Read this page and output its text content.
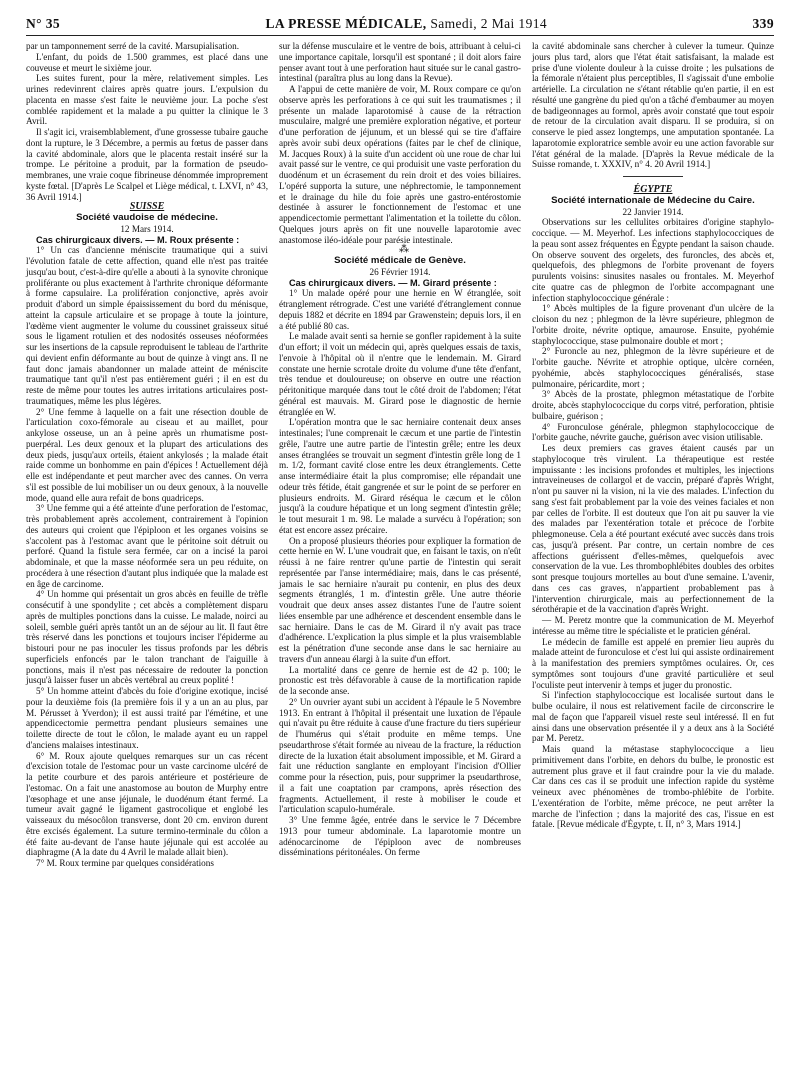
N° 35	LA PRESSE MÉDICALE, Samedi, 2 Mai 1914	339

par un tamponnement serré de la cavité. Marsupialisation.

L'enfant, du poids de 1.500 grammes, est placé dans une couveuse et meurt le sixième jour.

Les suites furent, pour la mère, relativement simples. Les urines redevinrent claires après quatre jours. L'expulsion du placenta en masse s'est faite le neuvième jour. La poche s'est comblée rapidement et la malade a pu quitter la clinique le 3 Avril.

Il s'agit ici, vraisemblablement, d'une grossesse tubaire gauche dont la rupture, le 3 Décembre, a permis au fœtus de passer dans la cavité abdominale, alors que le placenta restait inséré sur la trompe. Le péritoine a produit, par la formation de pseudo-membranes, une vraie coque fibrineuse dénommée improprement kyste fœtal. [D'après Le Scalpel et Liège médical, t. LXVI, n° 43, 36 Avril 1914.]

SUISSE

Société vaudoise de médecine.

12 Mars 1914.

Cas chirurgicaux divers. — M. Roux présente :

1° Un cas d'ancienne méniscite traumatique qui a suivi l'évolution fatale de cette affection, quand elle n'est pas traitée jusqu'au bout, c'est-à-dire qu'elle a abouti à la synovite chronique proliférante ou plus exactement à l'arthrite chronique déformante à forme capsulaire. La prolifération conjonctive, après avoir produit d'abord un simple épaississement du bord du ménisque, atteint la capsule articulaire et se propage à toute la jointure, l'œdème vient augmenter le volume du coussinet graisseux situé sous le ligament rotulien et des nodosités osseuses néoformées sur les insertions de la capsule reproduisent le tableau de l'arthrite qui devient enfin déformante au bout de quinze à vingt ans. Il ne faut donc jamais abandonner un malade atteint de méniscite traumatique tant qu'il n'est pas entièrement guéri ; il en est du reste de même pour toutes les autres irritations articulaires post-traumatiques, même les plus légères.

2° Une femme à laquelle on a fait une résection double de l'articulation coxo-fémorale au ciseau et au maillet, pour ankylose osseuse, un an à peine après un rhumatisme post-puerpéral. Les deux genoux et la plupart des articulations des deux pieds, jusqu'aux orteils, étaient ankylosés ; la malade était raide comme un bonhomme en pain d'épices ! Actuellement déjà elle est indépendante et peut marcher avec des cannes. On verra s'il est possible de lui mobiliser un ou deux genoux, à la nouvelle mode, quand elle aura refait de bons quadriceps.

3° Une femme qui a été atteinte d'une perforation de l'estomac, très probablement après accolement, contrairement à l'opinion des auteurs qui croient que l'épiploon et les organes voisins se s'accolent pas à l'estomac avant que le péritoine soit détruit ou perforé. Quand la fistule sera fermée, car on a incisé la paroi abdominale, et que la masse néoformée sera un peu réduite, on procédera à une résection d'autant plus indiquée que la malade est en âge de carcinome.

4° Un homme qui présentait un gros abcès en feuille de trèfle consécutif à une spondylite ; cet abcès a complètement disparu après de multiples ponctions dans la cuisse. Le malade, noirci au soleil, semble guéri après tantôt un an de séjour au lit. Il faut être très réservé dans les ponctions et toujours inciser l'épiderme au bistouri pour ne pas inoculer les tissus profonds par les débris superficiels enfoncés par le talon tranchant de l'aiguille à ponctions, mais il n'est pas nécessaire de redouter la ponction jusqu'à laisser fuser un abcès vertébral au creux poplité !

5° Un homme atteint d'abcès du foie d'origine exotique, incisé pour la deuxième fois (la première fois il y a un an au plus, par M. Pérusset à Yverdon); il est aussi traité par l'émétine, et une appendicectomie permettra pendant plusieurs semaines une toilette directe de tout le côlon, le malade ayant eu un rappel d'anciens malaises intestinaux.

6° M. Roux ajoute quelques remarques sur un cas récent d'excision totale de l'estomac pour un vaste carcinome ulcéré de la petite courbure et des parois antérieure et postérieure de l'estomac. On a fait une anastomose au bouton de Murphy entre l'œsophage et une anse jéjunale, le duodénum étant fermé. La tumeur avait gagné le ligament gastrocolique et englobé les vaisseaux du mésocôlon transverse, dont 20 cm. environ durent être excisés également. La suture termino-terminale du côlon a été faite au-devant de l'anse haute jéjunale qui est accolée au diaphragme (A la date du 4 Avril le malade allait bien).

7° M. Roux termine par quelques considérations

sur la défense musculaire et le ventre de bois, attribuant à celui-ci une importance capitale, lorsqu'il est spontané ; il doit alors faire penser avant tout à une perforation haut située sur le canal gastro-intestinal (paraîtra plus au long dans la Revue).

A l'appui de cette manière de voir, M. Roux compare ce qu'on observe après les perforations à ce qui suit les traumatismes ; il présente un malade laparotomisé à cause de la rétraction musculaire, malgré une première exploration négative, et porteur d'une perforation de jéjunum, et un blessé qui se tire d'affaire après avoir subi deux opérations (faites par le chef de clinique, M. Jacques Roux) à la suite d'un accident où une roue de char lui avait passé sur le ventre, ce qui produisit une vaste perforation du duodénum et un écrasement du rein droit et des voies biliaires. L'opéré supporta la suture, une néphrectomie, le tamponnement et le drainage du hile du foie après une gastro-entérostomie destinée à assurer le fonctionnement de l'estomac et une appendicectomie permettant l'alimentation et la toilette du côlon. Quelques jours après on fit une nouvelle laparotomie avec anastomose iléo-idéale pour parésie intestinale.

⁂

Société médicale de Genève.

26 Février 1914.

Cas chirurgicaux divers. — M. Girard présente :

1° Un malade opéré pour une hernie en W étranglée, soit étranglement rétrograde. C'est une variété d'étranglement connue depuis 1882 et décrite en 1894 par Grawenstein; depuis lors, il en a été publié 80 cas.

Le malade avait senti sa hernie se gonfler rapidement à la suite d'un effort; il voit un médecin qui, après quelques essais de taxis, l'envoie à l'hôpital où il n'entre que le lendemain. M. Girard constate une hernie scrotale droite du volume d'une tête d'enfant, très tendue et douloureuse; on observe en outre une réaction péritonitique marquée dans tout le côté droit de l'abdomen; l'état général est mauvais. M. Girard pose le diagnostic de hernie étranglée en W.

L'opération montra que le sac herniaire contenait deux anses intestinales; l'une comprenait le cæcum et une partie de l'intestin grêle, l'autre une autre partie de l'intestin grêle; entre les deux anses étranglées se trouvait un segment d'intestin grêle long de 1 m. 1/2, formant cavité close entre les deux étranglements. Cette anse intermédiaire était la plus compromise; elle répandait une odeur très fétide, était gangrenée et sur le point de se perforer en plusieurs endroits. M. Girard réséqua le cæcum et le côlon jusqu'à la coudure hépatique et un long segment d'intestin grêle; le tout mesurait 1 m. 98. Le malade a survécu à l'opération; son état est encore assez précaire.

On a proposé plusieurs théories pour expliquer la formation de cette hernie en W. L'une voudrait que, en faisant le taxis, on n'eût réussi à ne faire rentrer qu'une partie de l'intestin qui serait représentée par l'anse intermédiaire; mais, dans le cas présenté, jamais le sac herniaire n'aurait pu contenir, en plus des deux segments étranglés, 1 m. d'intestin grêle. Une autre théorie voudrait que deux anses assez distantes l'une de l'autre soient liées ensemble par une adhérence et descendent ensemble dans le sac herniaire. Dans le cas de M. Girard il n'y avait pas trace d'adhérence. L'explication la plus simple et la plus vraisemblable est la pénétration d'une seconde anse dans le sac herniaire au travers d'un anneau élargi à la suite d'un effort.

La mortalité dans ce genre de hernie est de 42 p. 100; le pronostic est très défavorable à cause de la mortification rapide de la seconde anse.

2° Un ouvrier ayant subi un accident à l'épaule le 5 Novembre 1913. En entrant à l'hôpital il présentait une luxation de l'épaule qui n'avait pu être réduite à cause d'une fracture du tiers supérieur de l'humérus qui s'était produite en même temps. Une pseudarthrose s'était formée au niveau de la fracture, la réduction directe de la luxation était absolument impossible, et M. Girard a fait une réduction sanglante en employant l'incision d'Ollier comme pour la résection, puis, pour supprimer la pseudarthrose, il a fait une coaptation par crampons, après résection des fragments. Actuellement, il reste à mobiliser le coude et l'articulation scapulo-humérale.

3° Une femme âgée, entrée dans le service le 7 Décembre 1913 pour tumeur abdominale. La laparotomie montre un adénocarcinome de l'épiploon avec de nombreuses disséminations péritonéales. On ferme

la cavité abdominale sans chercher à culever la tumeur. Quinze jours plus tard, alors que l'état était satisfaisant, la malade est prise d'une violente douleur à la cuisse droite ; les pulsations de la fémorale n'étaient plus perceptibles, Il s'agissait d'une embolie artérielle. La circulation ne s'étant rétablie qu'en partie, il en est résulté une gangrène du pied qu'on a tâché d'embaumer au moyen de badigeonnages au formol, après avoir constaté que tout espoir de retour de la circulation avait disparu. Il se produira, si on conserve le pied assez longtemps, une amputation spontanée. La laparotomie exploratrice semble avoir eu une action favorable sur l'état général de la malade. [D'après la Revue médicale de la Suisse romande, t. XXXIV, n° 4. 20 Avril 1914.]

ÉGYPTE

Société internationale de Médecine du Caire.

22 Janvier 1914.

Observations sur les cellulites orbitaires d'origine staphylo-coccique. — M. Meyerhof. Les infections staphylococciques de la peau sont assez fréquentes en Égypte pendant la saison chaude. On observe souvent des orgelets, des furoncles, des abcès et, quelquefois, des phlegmons de l'orbite provenant de foyers purulents voisins: sinusites nasales ou frontales. M. Meyerhof cite quatre cas de phlegmon de l'orbite accompagnant une infection staphylococcique générale :

1° Abcès multiples de la figure provenant d'un ulcère de la cloison du nez ; phlegmon de la lèvre supérieure, phlegmon de l'orbite droite, névrite optique, amaurose. Ensuite, pyohémie staphylococcique, stase pulmonaire double et mort ;

2° Furoncle au nez, phlegmon de la lèvre supérieure et de l'orbite gauche. Névrite et atrophie optique, ulcère cornéen, pyohémie, abcès staphylococciques généralisés, stase pulmonaire, péricardite, mort ;

3° Abcès de la prostate, phlegmon métastatique de l'orbite droite, abcès staphylococcique du corps vitré, perforation, phtisie bulbaire, guérison ;

4° Furonculose générale, phlegmon staphylococcique de l'orbite gauche, névrite gauche, guérison avec vision utilisable.

Les deux premiers cas graves étaient causés par un staphylocoque très virulent. La thérapeutique est restée impuissante : les incisions profondes et multiples, les injections intraveineuses de collargol et de vaccin, préparé d'après Wright, n'ont pu sauver ni la vision, ni la vie des malades. L'infection du sang s'est fait probablement par la voie des veines faciales et non par celles de l'orbite. Il est douteux que l'on ait pu sauver la vie des malades par l'exentération totale et précoce de l'orbite phlegmoneuse. Cela a été pourtant exécuté avec succès dans trois cas, jusqu'à présent. Par contre, un certain nombre de ces affections guérissent d'elles-mêmes, quelquefois avec conservation de la vue. Les thrombophlébites doubles des orbites sont presque toujours mortelles au bout d'une semaine. L'avenir, dans ces cas graves, n'appartient probablement pas à l'intervention chirurgicale, mais au perfectionnement de la sérothérapie et de la vaccination d'après Wright.

— M. Peretz montre que la communication de M. Meyerhof intéresse au même titre le spécialiste et le praticien général.

Le médecin de famille est appelé en premier lieu auprès du malade atteint de furonculose et c'est lui qui assiste ordinairement à la manifestation des premiers symptômes oculaires. Or, ces symptômes sont toujours d'une gravité particulière et seul l'oculiste peut intervenir à temps et juger du pronostic.

Si l'infection staphylococcique est localisée surtout dans le bulbe oculaire, il nous est relativement facile de circonscrire le mal de façon que l'appareil visuel reste seul intéressé. Il en fut ainsi dans une observation présentée il y a deux ans à la Société par M. Peretz.

Mais quand la métastase staphylococcique a lieu primitivement dans l'orbite, en dehors du bulbe, le pronostic est autrement plus grave et il faut craindre pour la vie du malade. Car dans ces cas il se produit une infection rapide du système veineux avec phénomènes de trombo-phlébite de l'orbite. L'exentération de l'orbite, même précoce, ne peut arrêter la marche de l'infection ; dans la majorité des cas, l'issue en est fatale. [Revue médicale d'Égypte, t. II, n° 3, Mars 1914.]
